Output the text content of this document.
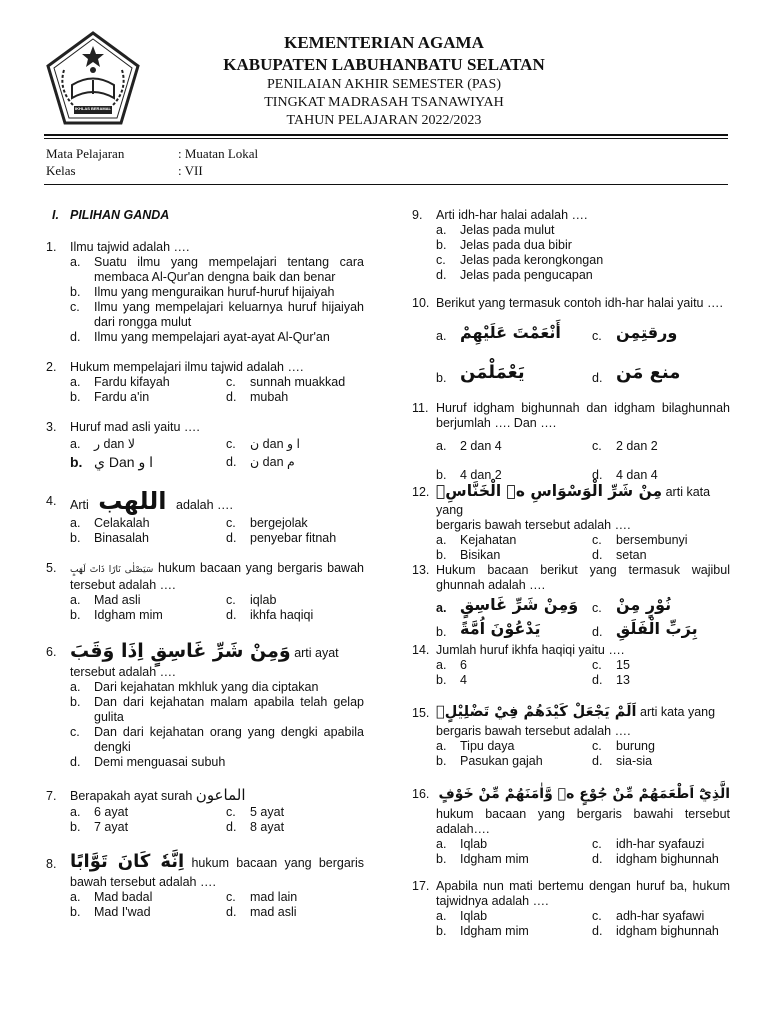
IKHLAS BERAMAL
KEMENTERIAN AGAMA
KABUPATEN LABUHANBATU SELATAN
PENILAIAN AKHIR SEMESTER (PAS)
TINGKAT MADRASAH TSANAWIYAH
TAHUN PELAJARAN 2022/2023
Mata Pelajaran	: Muatan Lokal
Kelas	: VII
I. PILIHAN GANDA
1.	Ilmu tajwid adalah ….
a. Suatu ilmu yang mempelajari tentang cara membaca Al-Qur'an dengna baik dan benar
b. Ilmu yang menguraikan huruf-huruf hijaiyah
c. Ilmu yang mempelajari keluarnya huruf hijaiyah dari rongga mulut
d. Ilmu yang mempelajari ayat-ayat Al-Qur'an
2.	Hukum mempelajari ilmu tajwid adalah ….
a. Fardu kifayah	c. sunnah muakkad
b. Fardu a'in	d. mubah
3.	Huruf mad asli yaitu ….
a. ر dan لا	c. ن dan ا و
b. ي Dan ا و	d. ن dan م
4.	Arti اللهب adalah ….
a. Celakalah	c. bergejolak
b. Binasalah	d. penyebar fitnah
5.	سَيَصْلٰى نَارًا ذَاتَ لَهَبٍ hukum bacaan yang bergaris bawah tersebut adalah ….
a. Mad asli	c. iqlab
b. Idgham mim	d. ikhfa haqiqi
6. وَمِنْ شَرِّ غَاسِقٍ اِذَا وَقَبَ arti ayat
tersebut adalah ….
a. Dari kejahatan mkhluk yang dia ciptakan
b. Dan dari kejahatan malam apabila telah gelap gulita
c. Dan dari kejahatan orang yang dengki apabila dengki
d. Demi menguasai subuh
7.	Berapakah ayat surah الماعون
a. 6 ayat	c. 5 ayat
b. 7 ayat	d. 8 ayat
8. اِنَّهٗ كَانَ تَوَّابًا hukum bacaan yang bergaris bawah tersebut adalah ….
a. Mad badal	c. mad lain
b. Mad I'wad	d. mad asli
9.	Arti idh-har halai adalah ….
a. Jelas pada mulut
b. Jelas pada dua bibir
c. Jelas pada kerongkongan
d. Jelas pada pengucapan
10. Berikut yang termasuk contoh idh-har halai yaitu ….
a. أَنْعَمْتَ عَلَيْهِمْ	c. ورقتِمِن
b. يَعْمَلْمَن	d. منع مَن
11. Huruf idgham bighunnah dan idgham bilaghunnah berjumlah …. Dan ….
a. 2 dan 4	c. 2 dan 2
b. 4 dan 2	d. 4 dan 4
12. مِنْ شَرِّ الْوَسْوَاسِ ەۙ الْخَنَّاسِۖ arti kata yang
bergaris bawah tersebut adalah ….
a. Kejahatan	c. bersembunyi
b. Bisikan	d. setan
13. Hukum bacaan berikut yang termasuk wajibul ghunnah adalah ….
a. وَمِنْ شَرِّ غَاسِقٍ	c. نُوْرٍ مِنْ
b. يَدْعُوْنَ اُمَّةً	d. بِرَبِّ الْفَلَقِ
14. Jumlah huruf ikhfa haqiqi yaitu ….
a. 6	c. 15
b. 4	d. 13
15. اَلَمْ يَجْعَلْ كَيْدَهُمْ فِيْ تَضْلِيْلٍۙ arti kata yang
bergaris bawah tersebut adalah ….
a. Tipu daya	c. burung
b. Pasukan gajah	d. sia-sia
16. الَّذِيْٓ اَطْعَمَهُمْ مِّنْ جُوْعٍ ەۙ وَّاٰمَنَهُمْ مِّنْ خَوْفٍ
hukum bacaan yang bergaris bawahi tersebut adalah….
a. Iqlab	c. idh-har syafauzi
b. Idgham mim	d. idgham bighunnah
17. Apabila nun mati bertemu dengan huruf ba, hukum tajwidnya adalah ….
a. Iqlab	c. adh-har syafawi
b. Idgham mim	d. idgham bighunnah
